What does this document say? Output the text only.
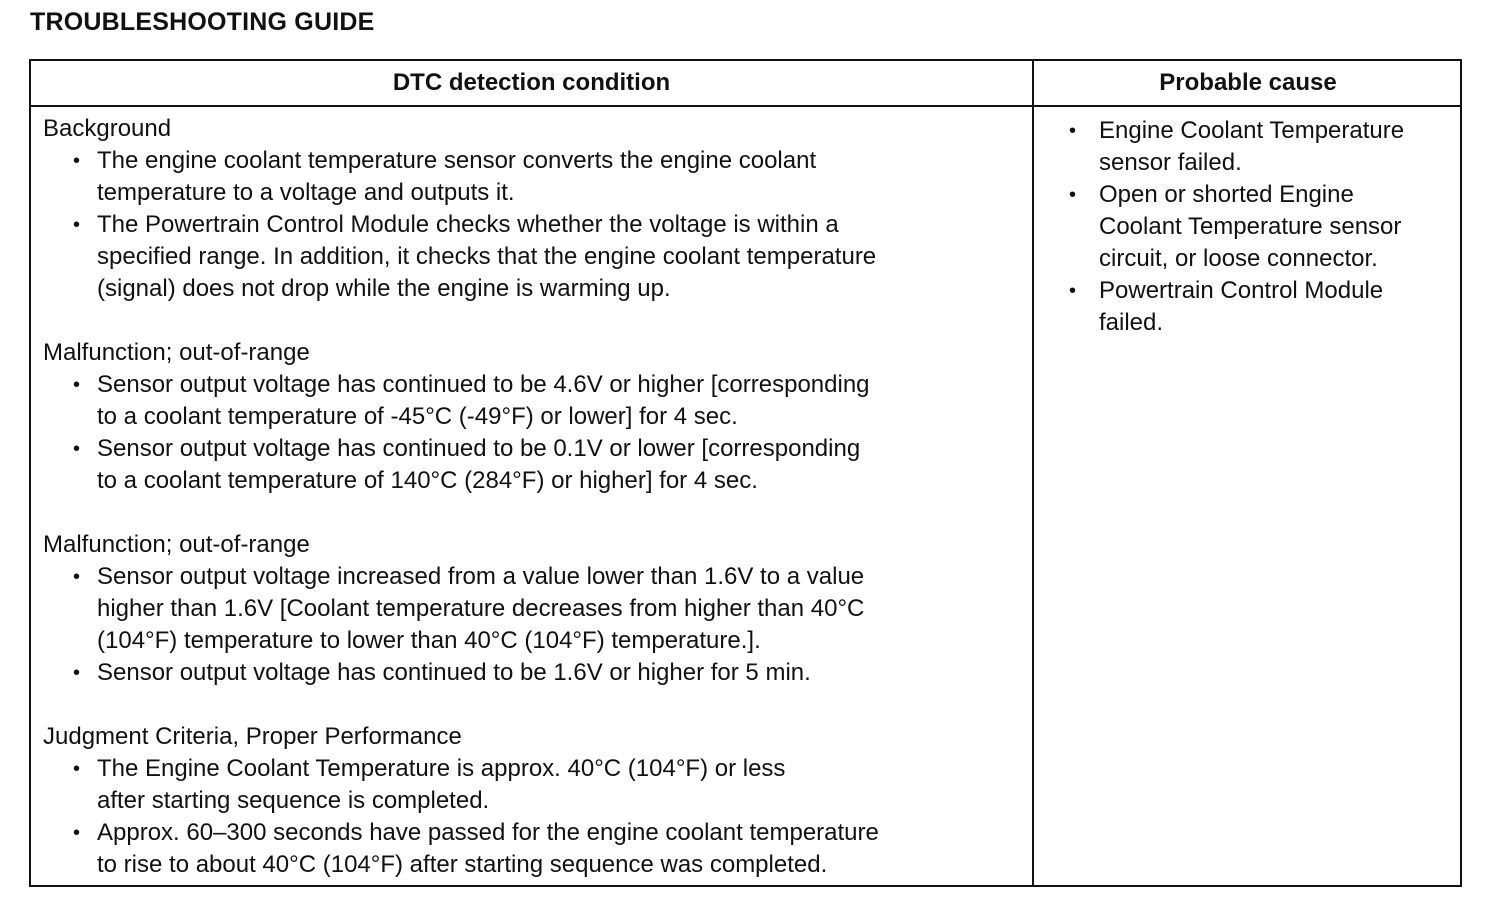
TROUBLESHOOTING GUIDE
DTC detection condition	Probable cause
Background
• The engine coolant temperature sensor converts the engine coolant
temperature to a voltage and outputs it.
• The Powertrain Control Module checks whether the voltage is within a
specified range. In addition, it checks that the engine coolant temperature
(signal) does not drop while the engine is warming up.
Malfunction; out-of-range
• Sensor output voltage has continued to be 4.6V or higher [corresponding
to a coolant temperature of -45°C (-49°F) or lower] for 4 sec.
• Sensor output voltage has continued to be 0.1V or lower [corresponding
to a coolant temperature of 140°C (284°F) or higher] for 4 sec.
Malfunction; out-of-range
• Sensor output voltage increased from a value lower than 1.6V to a value
higher than 1.6V [Coolant temperature decreases from higher than 40°C
(104°F) temperature to lower than 40°C (104°F) temperature.].
• Sensor output voltage has continued to be 1.6V or higher for 5 min.
Judgment Criteria, Proper Performance
• The Engine Coolant Temperature is approx. 40°C (104°F) or less
after starting sequence is completed.
• Approx. 60–300 seconds have passed for the engine coolant temperature
to rise to about 40°C (104°F) after starting sequence was completed.
• Engine Coolant Temperature
sensor failed.
• Open or shorted Engine
Coolant Temperature sensor
circuit, or loose connector.
• Powertrain Control Module
failed.
